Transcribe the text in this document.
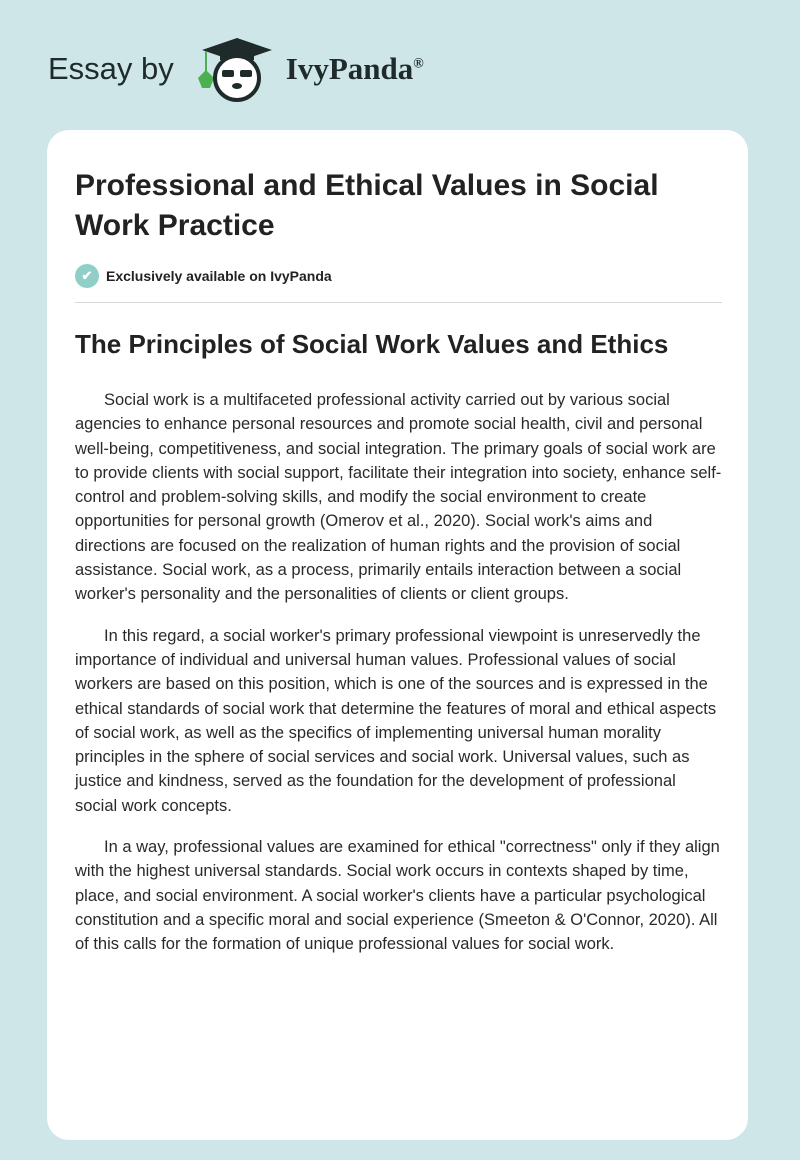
Essay by	IvyPanda®
Professional and Ethical Values in Social Work Practice
✔ Exclusively available on IvyPanda
The Principles of Social Work Values and Ethics

Social work is a multifaceted professional activity carried out by various social agencies to enhance personal resources and promote social health, civil and personal well-being, competitiveness, and social integration. The primary goals of social work are to provide clients with social support, facilitate their integration into society, enhance self-control and problem-solving skills, and modify the social environment to create opportunities for personal growth (Omerov et al., 2020). Social work's aims and directions are focused on the realization of human rights and the provision of social assistance. Social work, as a process, primarily entails interaction between a social worker's personality and the personalities of clients or client groups.

In this regard, a social worker's primary professional viewpoint is unreservedly the importance of individual and universal human values. Professional values of social workers are based on this position, which is one of the sources and is expressed in the ethical standards of social work that determine the features of moral and ethical aspects of social work, as well as the specifics of implementing universal human morality principles in the sphere of social services and social work. Universal values, such as justice and kindness, served as the foundation for the development of professional social work concepts.

In a way, professional values are examined for ethical "correctness" only if they align with the highest universal standards. Social work occurs in contexts shaped by time, place, and social environment. A social worker's clients have a particular psychological constitution and a specific moral and social experience (Smeeton & O'Connor, 2020). All of this calls for the formation of unique professional values for social work.
